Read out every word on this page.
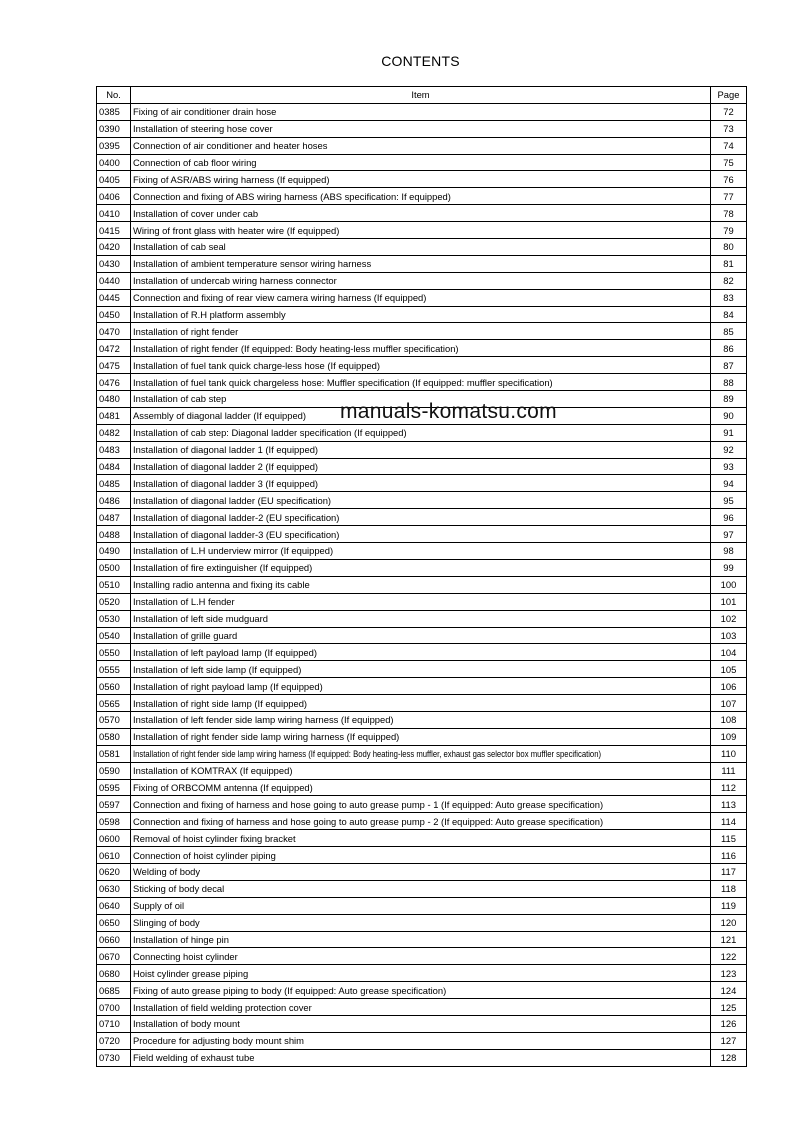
CONTENTS
No.	Item	Page
0385	Fixing of air conditioner drain hose	72
0390	Installation of steering hose cover	73
0395	Connection of air conditioner and heater hoses	74
0400	Connection of cab floor wiring	75
0405	Fixing of ASR/ABS wiring harness (If equipped)	76
0406	Connection and fixing of ABS wiring harness (ABS specification: If equipped)	77
0410	Installation of cover under cab	78
0415	Wiring of front glass with heater wire (If equipped)	79
0420	Installation of cab seal	80
0430	Installation of ambient temperature sensor wiring harness	81
0440	Installation of undercab wiring harness connector	82
0445	Connection and fixing of rear view camera wiring harness (If equipped)	83
0450	Installation of R.H platform assembly	84
0470	Installation of right fender	85
0472	Installation of right fender (If equipped: Body heating-less muffler specification)	86
0475	Installation of fuel tank quick charge-less hose (If equipped)	87
0476	Installation of fuel tank quick chargeless hose: Muffler specification (If equipped: muffler specification)	88
0480	Installation of cab step	89
0481	Assembly of diagonal ladder (If equipped)	90
0482	Installation of cab step: Diagonal ladder specification (If equipped)	91
0483	Installation of diagonal ladder 1 (If equipped)	92
0484	Installation of diagonal ladder 2 (If equipped)	93
0485	Installation of diagonal ladder 3 (If equipped)	94
0486	Installation of diagonal ladder (EU specification)	95
0487	Installation of diagonal ladder-2 (EU specification)	96
0488	Installation of diagonal ladder-3 (EU specification)	97
0490	Installation of L.H underview mirror (If equipped)	98
0500	Installation of fire extinguisher (If equipped)	99
0510	Installing radio antenna and fixing its cable	100
0520	Installation of L.H fender	101
0530	Installation of left side mudguard	102
0540	Installation of grille guard	103
0550	Installation of left payload lamp (If equipped)	104
0555	Installation of left side lamp (If equipped)	105
0560	Installation of right payload lamp (If equipped)	106
0565	Installation of right side lamp (If equipped)	107
0570	Installation of left fender side lamp wiring harness (If equipped)	108
0580	Installation of right fender side lamp wiring harness (If equipped)	109
0581	Installation of right fender side lamp wiring harness (If equipped: Body heating-less muffler, exhaust gas selector box muffler specification)	110
0590	Installation of KOMTRAX (If equipped)	111
0595	Fixing of ORBCOMM antenna (If equipped)	112
0597	Connection and fixing of harness and hose going to auto grease pump - 1 (If equipped: Auto grease specification)	113
0598	Connection and fixing of harness and hose going to auto grease pump - 2 (If equipped: Auto grease specification)	114
0600	Removal of hoist cylinder fixing bracket	115
0610	Connection of hoist cylinder piping	116
0620	Welding of body	117
0630	Sticking of body decal	118
0640	Supply of oil	119
0650	Slinging of body	120
0660	Installation of hinge pin	121
0670	Connecting hoist cylinder	122
0680	Hoist cylinder grease piping	123
0685	Fixing of auto grease piping to body (If equipped: Auto grease specification)	124
0700	Installation of field welding protection cover	125
0710	Installation of body mount	126
0720	Procedure for adjusting body mount shim	127
0730	Field welding of exhaust tube	128
manuals-komatsu.com
